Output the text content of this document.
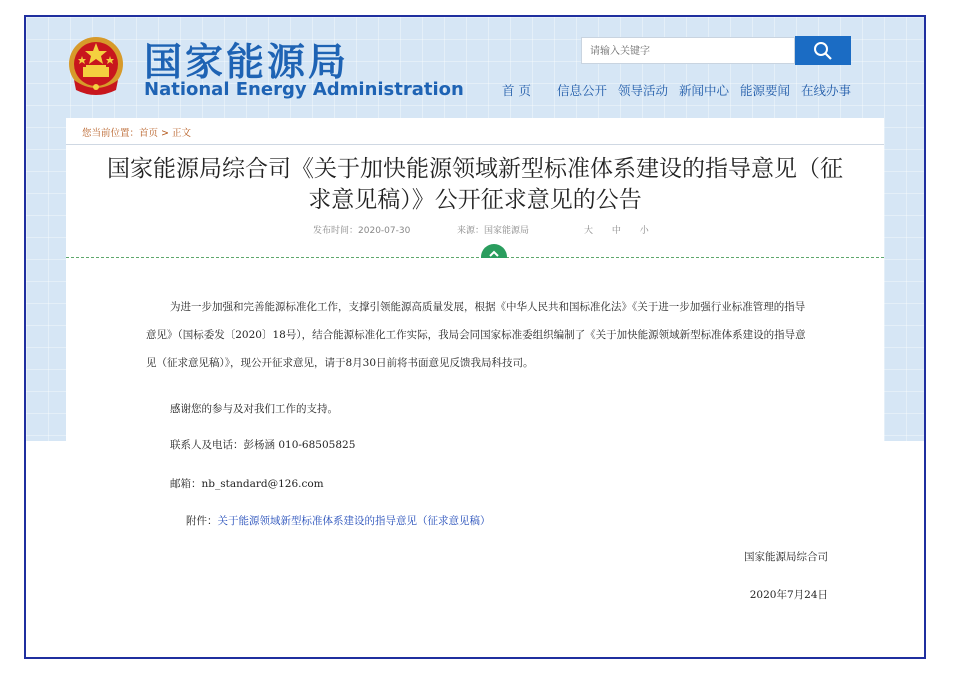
国家能源局
National Energy Administration
请输入关键字
首 页 信息公开 领导活动 新闻中心 能源要闻 在线办事
您当前位置：首页 > 正文
国家能源局综合司《关于加快能源领域新型标准体系建设的指导意见（征
求意见稿）》公开征求意见的公告
发布时间：2020-07-30	来源：国家能源局	大 中 小

为进一步加强和完善能源标准化工作，支撑引领能源高质量发展，根据《中华人民共和国标准化法》《关于进一步加强行业标准管理的指导意见》（国标委发〔2020〕18号），结合能源标准化工作实际，我局会同国家标准委组织编制了《关于加快能源领域新型标准体系建设的指导意见（征求意见稿）》，现公开征求意见，请于8月30日前将书面意见反馈我局科技司。

感谢您的参与及对我们工作的支持。
联系人及电话：彭杨涵 010-68505825
邮箱：nb_standard@126.com
附件：关于能源领域新型标准体系建设的指导意见（征求意见稿）
国家能源局综合司
2020年7月24日
